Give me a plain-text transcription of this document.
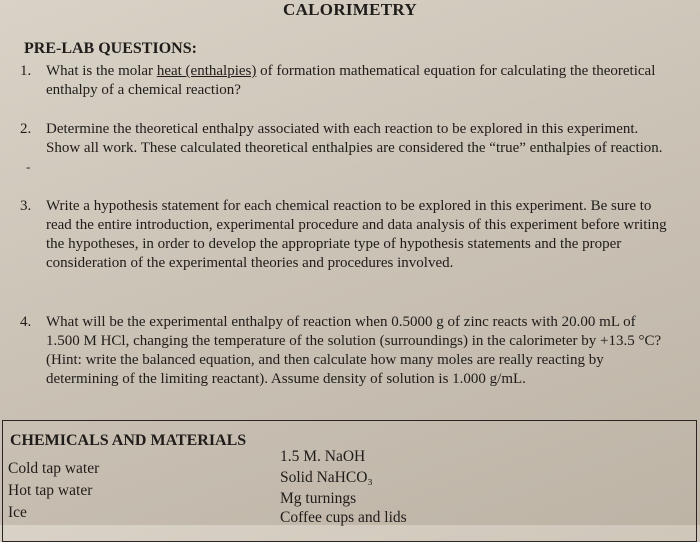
CALORIMETRY
PRE-LAB QUESTIONS:
1. What is the molar heat (enthalpies) of formation mathematical equation for calculating the theoretical enthalpy of a chemical reaction?
2. Determine the theoretical enthalpy associated with each reaction to be explored in this experiment. Show all work. These calculated theoretical enthalpies are considered the “true” enthalpies of reaction.
-
3. Write a hypothesis statement for each chemical reaction to be explored in this experiment. Be sure to read the entire introduction, experimental procedure and data analysis of this experiment before writing the hypotheses, in order to develop the appropriate type of hypothesis statements and the proper consideration of the experimental theories and procedures involved.
4. What will be the experimental enthalpy of reaction when 0.5000 g of zinc reacts with 20.00 mL of 1.500 M HCl, changing the temperature of the solution (surroundings) in the calorimeter by +13.5 °C? (Hint: write the balanced equation, and then calculate how many moles are really reacting by determining of the limiting reactant). Assume density of solution is 1.000 g/mL.
CHEMICALS AND MATERIALS
Cold tap water
Hot tap water
Ice
1.5 M. NaOH
Solid NaHCO₃
Mg turnings
Coffee cups and lids
